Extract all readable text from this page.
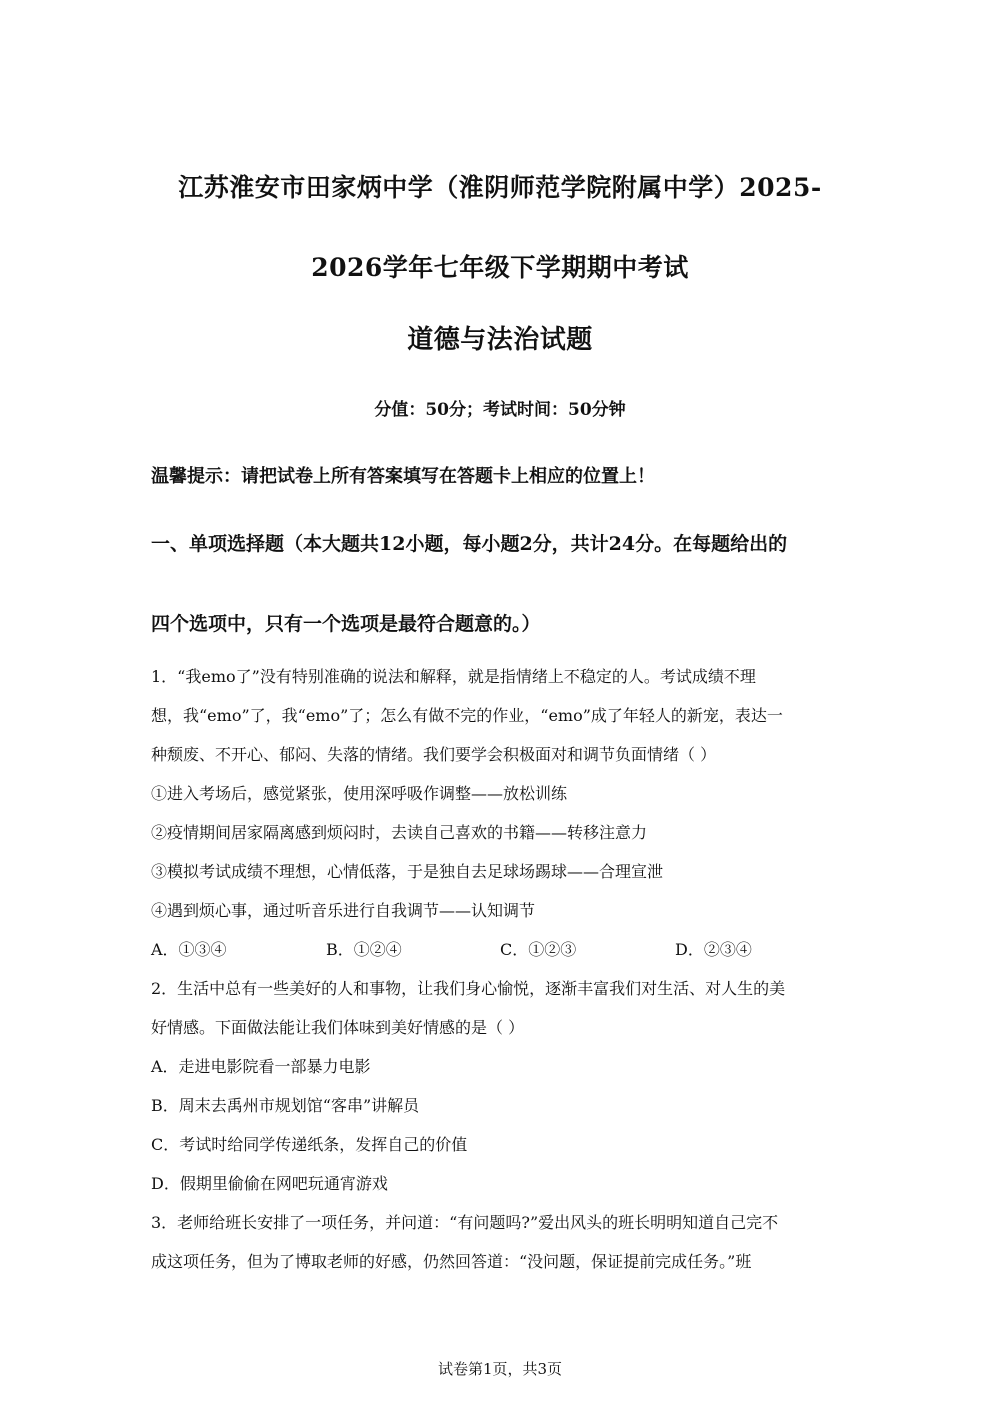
江苏淮安市田家炳中学（淮阴师范学院附属中学）2025-
2026学年七年级下学期期中考试
道德与法治试题
分值：50分；考试时间：50分钟
温馨提示：请把试卷上所有答案填写在答题卡上相应的位置上！
一、单项选择题（本大题共12小题，每小题2分，共计24分。在每题给出的
四个选项中，只有一个选项是最符合题意的。）
1．“我emo了”没有特别准确的说法和解释，就是指情绪上不稳定的人。考试成绩不理
想，我“emo”了，我“emo”了；怎么有做不完的作业，“emo”成了年轻人的新宠，表达一
种颓废、不开心、郁闷、失落的情绪。我们要学会积极面对和调节负面情绪（ ）
①进入考场后，感觉紧张，使用深呼吸作调整——放松训练
②疫情期间居家隔离感到烦闷时，去读自己喜欢的书籍——转移注意力
③模拟考试成绩不理想，心情低落，于是独自去足球场踢球——合理宣泄
④遇到烦心事，通过听音乐进行自我调节——认知调节
A．①③④	B．①②④	C．①②③	D．②③④
2．生活中总有一些美好的人和事物，让我们身心愉悦，逐渐丰富我们对生活、对人生的美
好情感。下面做法能让我们体味到美好情感的是（ ）
A．走进电影院看一部暴力电影
B．周末去禹州市规划馆“客串”讲解员
C．考试时给同学传递纸条，发挥自己的价值
D．假期里偷偷在网吧玩通宵游戏
3．老师给班长安排了一项任务，并问道：“有问题吗?”爱出风头的班长明明知道自己完不
成这项任务，但为了博取老师的好感，仍然回答道：“没问题，保证提前完成任务。”班
试卷第1页，共3页
